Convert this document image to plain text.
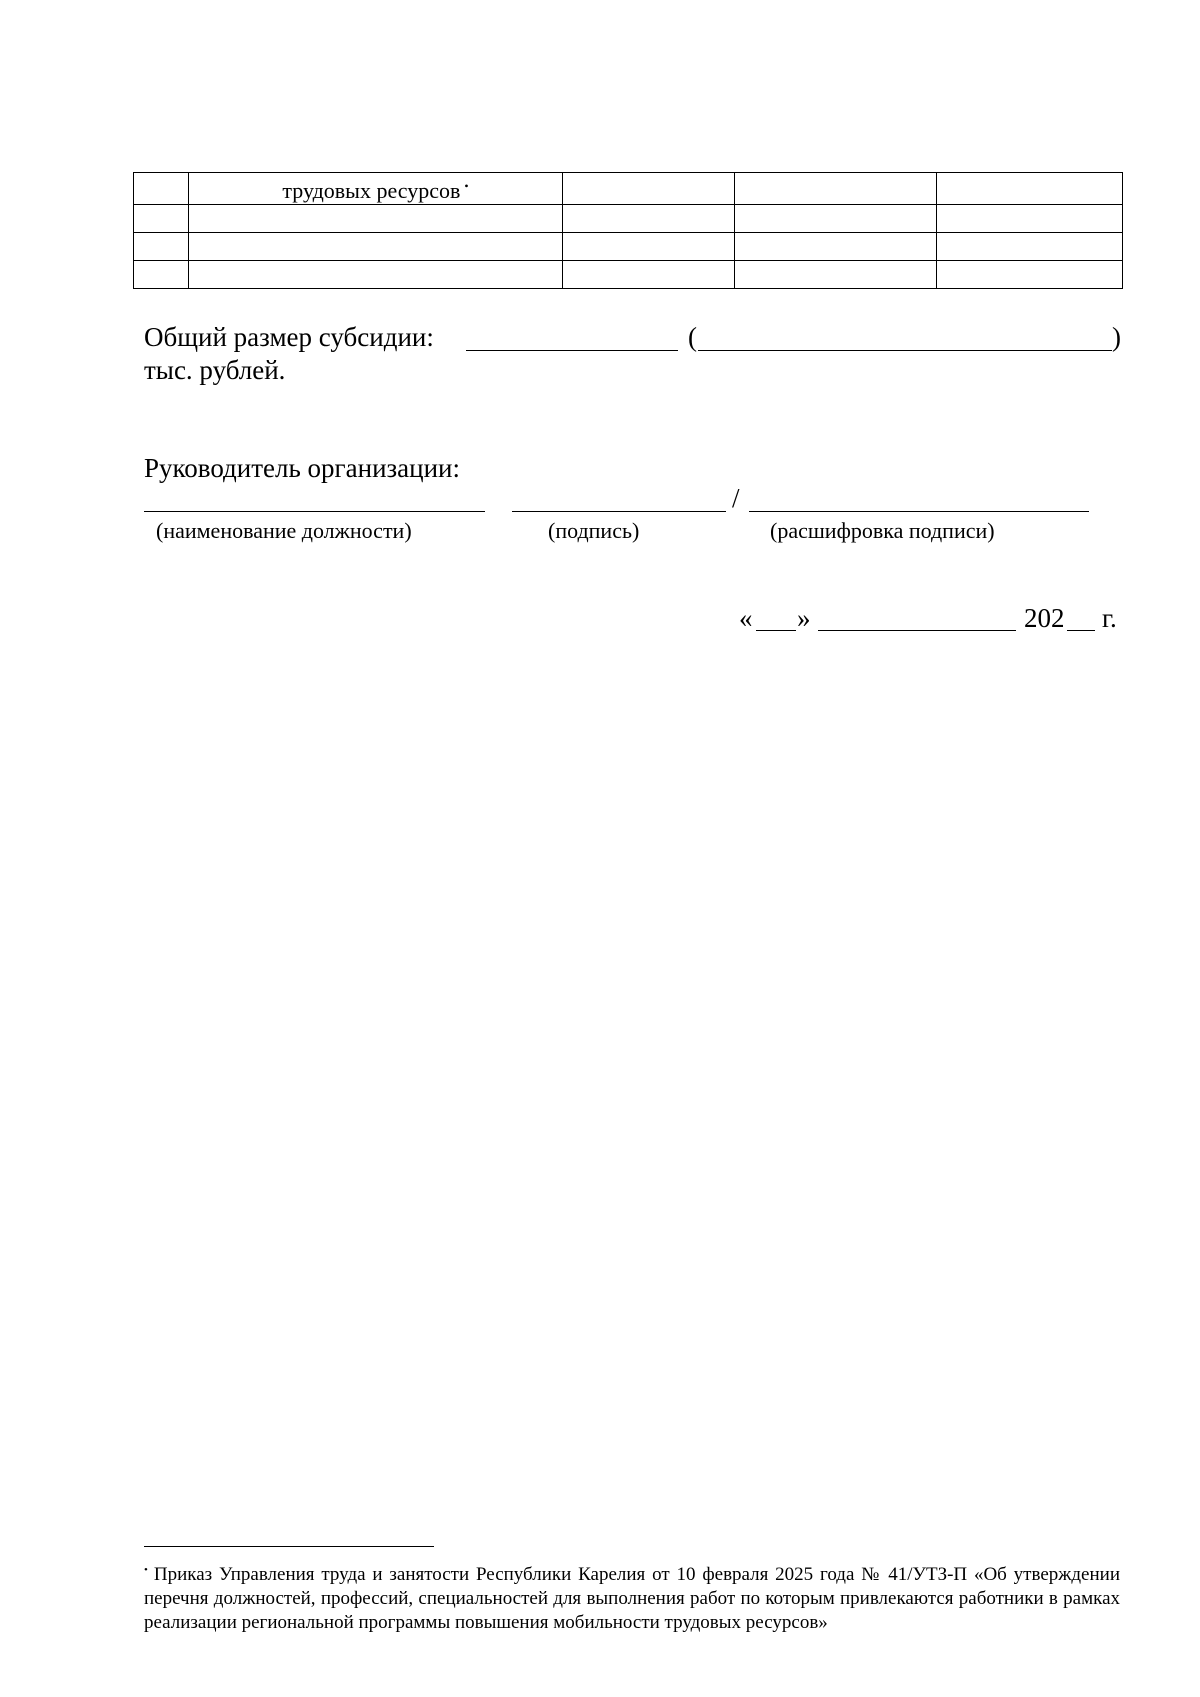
	трудовых ресурсов •			

Общий размер субсидии:	(	)
тыс. рублей.
Руководитель организации:
/
(наименование должности)	(подпись)	(расшифровка подписи)
« »	202 г.
• Приказ Управления труда и занятости Республики Карелия от 10 февраля 2025 года № 41/УТЗ-П «Об утверждении перечня должностей, профессий, специальностей для выполнения работ по которым привлекаются работники в рамках реализации региональной программы повышения мобильности трудовых ресурсов»
